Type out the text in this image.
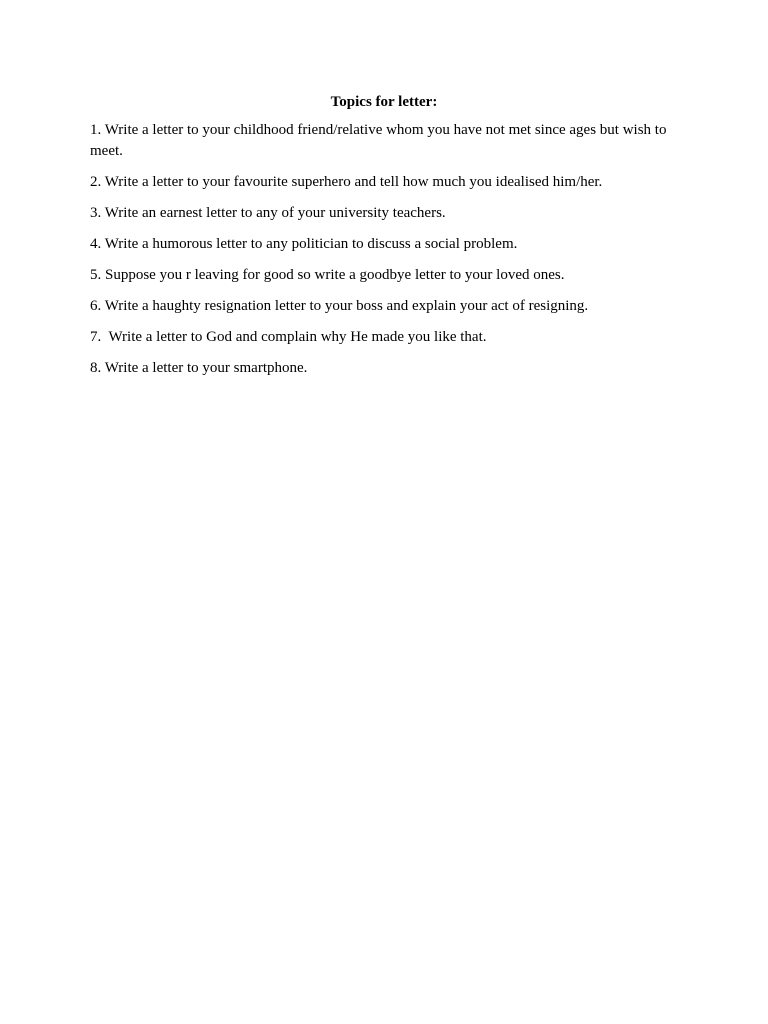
Topics for letter:

1. Write a letter to your childhood friend/relative whom you have not met since ages but wish to meet.

2. Write a letter to your favourite superhero and tell how much you idealised him/her.

3. Write an earnest letter to any of your university teachers.

4. Write a humorous letter to any politician to discuss a social problem.

5. Suppose you r leaving for good so write a goodbye letter to your loved ones.

6. Write a haughty resignation letter to your boss and explain your act of resigning.

7.  Write a letter to God and complain why He made you like that.

8. Write a letter to your smartphone.
